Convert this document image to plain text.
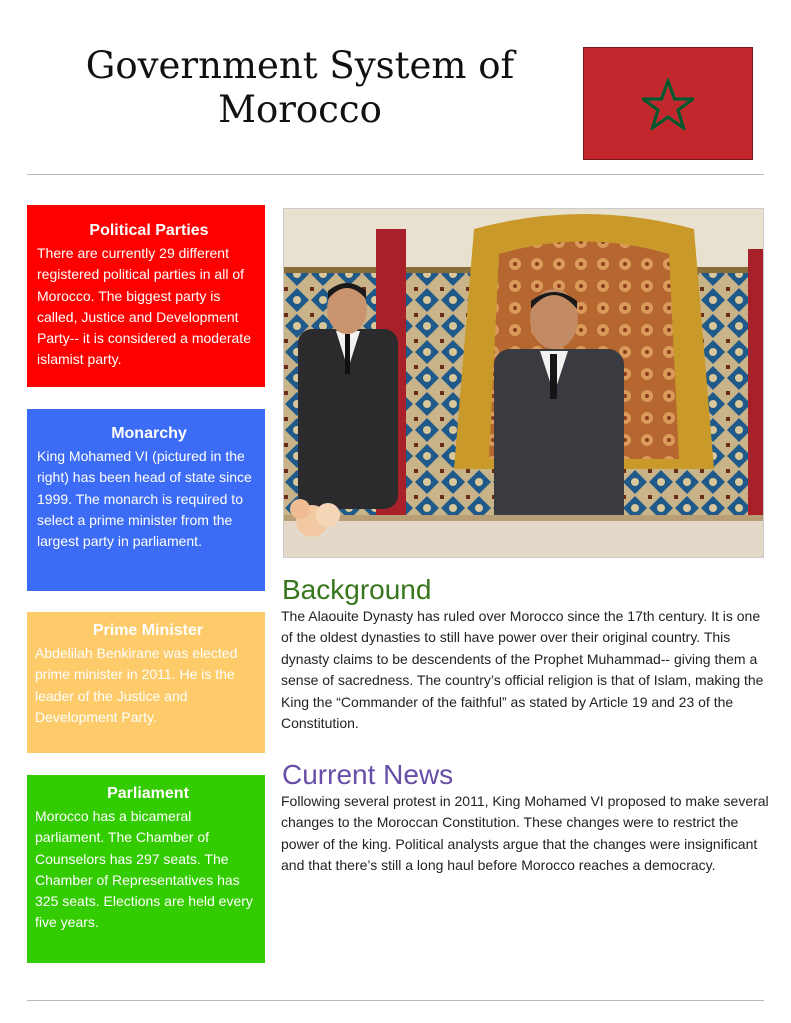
Government System of
Morocco
Political Parties

There are currently 29 different registered political parties in all of Morocco. The biggest party is called, Justice and Development Party-- it is considered a moderate islamist party.

Monarchy

King Mohamed VI (pictured in the right) has been head of state since 1999. The monarch is required to select a prime minister from the largest party in parliament.

Prime Minister

Abdelilah Benkirane was elected prime minister in 2011. He is the leader of the Justice and Development Party.

Parliament

Morocco has a bicameral parliament. The Chamber of Counselors has 297 seats. The Chamber of Representatives has 325 seats. Elections are held every five years.

Background

The Alaouite Dynasty has ruled over Morocco since the 17th century. It is one of the oldest dynasties to still have power over their original country. This dynasty claims to be descendents of the Prophet Muhammad-- giving them a sense of sacredness. The country’s official religion is that of Islam, making the King the “Commander of the faithful” as stated by Article 19 and 23 of the Constitution.

Current News

Following several protest in 2011, King Mohamed VI proposed to make several changes to the Moroccan Constitution. These changes were to restrict the power of the king. Political analysts argue that the changes were insignificant and that there’s still a long haul before Morocco reaches a democracy.
